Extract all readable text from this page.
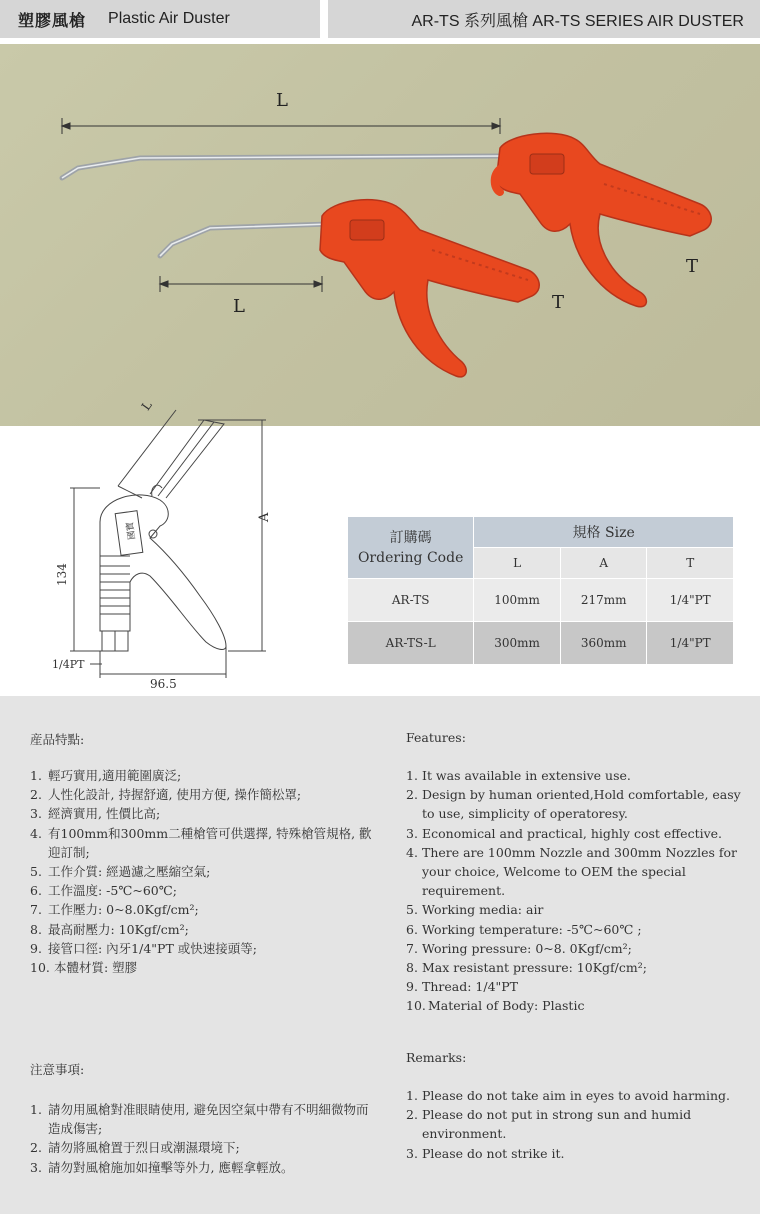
塑膠風槍 Plastic Air Duster	AR-TS 系列風槍 AR-TS SERIES AIR DUSTER
L
L
T
T
L
A
134
96.5
1/4PT
國寶	訂購碼
Ordering Code	規格 Size		
	L	A	T
AR-TS	100mm	217mm	1/4"PT
AR-TS-L	300mm	360mm	1/4"PT
産品特點:	Features:
1. 輕巧實用,適用範圍廣泛;
2. 人性化設計, 持握舒適, 使用方便, 操作簡松罩;
3. 經濟實用, 性價比高;
4. 有100mm和300mm二種槍管可供選擇, 特殊槍管規格, 歡迎訂制;
5. 工作介質: 經過濾之壓縮空氣;
6. 工作溫度: -5℃~60℃;
7. 工作壓力: 0~8.0Kgf/cm²;
8. 最高耐壓力: 10Kgf/cm²;
9. 接管口徑: 內牙1/4"PT 或快速接頭等;
10. 本體材質: 塑膠
1. It was available in extensive use.
2. Design by human oriented,Hold comfortable, easy to use, simplicity of operatoresy.
3. Economical and practical, highly cost effective.
4. There are 100mm Nozzle and 300mm Nozzles for your choice, Welcome to OEM the special requirement.
5. Working media: air
6. Working temperature: -5℃~60℃ ;
7. Woring pressure: 0~8. 0Kgf/cm²;
8. Max resistant pressure: 10Kgf/cm²;
9. Thread: 1/4"PT
10. Material of Body: Plastic
注意事項:
Remarks:
1. 請勿用風槍對准眼睛使用, 避免因空氣中帶有不明細微物而造成傷害;
2. 請勿將風槍置于烈日或潮濕環境下;
3. 請勿對風槍施加如撞擊等外力, 應輕拿輕放。
1. Please do not take aim in eyes to avoid harming.
2. Please do not put in strong sun and humid environment.
3. Please do not strike it.
